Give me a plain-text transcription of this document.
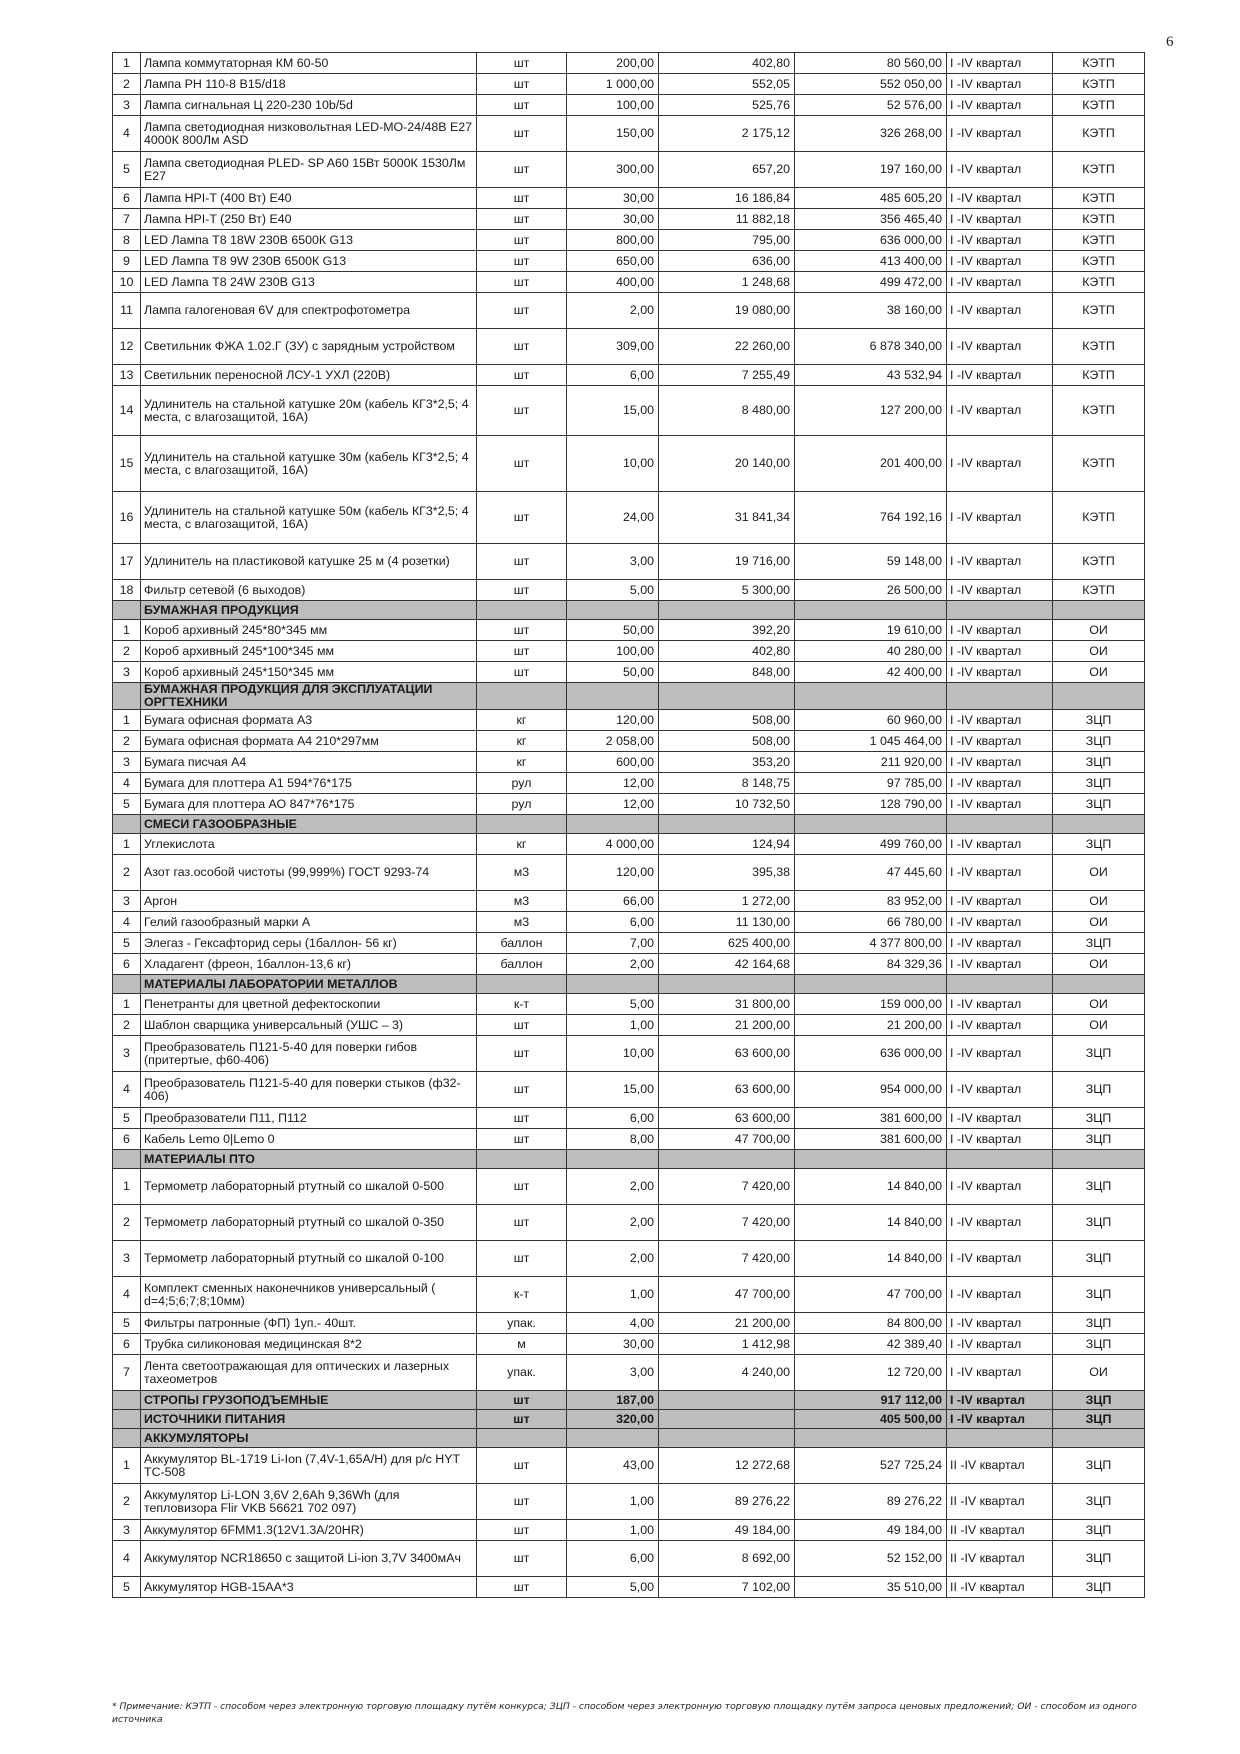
6
1	Лампа коммутаторная КМ 60-50	шт	200,00	402,80	80 560,00	I -IV квартал	КЭТП
2	Лампа РН 110-8 B15/d18	шт	1 000,00	552,05	552 050,00	I -IV квартал	КЭТП
3	Лампа сигнальная Ц 220-230 10b/5d	шт	100,00	525,76	52 576,00	I -IV квартал	КЭТП
4	Лампа светодиодная низковольтная LED-MO-24/48В E27 4000К 800Лм ASD	шт	150,00	2 175,12	326 268,00	I -IV квартал	КЭТП
5	Лампа светодиодная PLED- SP A60 15Вт 5000К 1530Лм E27	шт	300,00	657,20	197 160,00	I -IV квартал	КЭТП
6	Лампа HPI-T (400 Вт) E40	шт	30,00	16 186,84	485 605,20	I -IV квартал	КЭТП
7	Лампа HPI-T (250 Вт) E40	шт	30,00	11 882,18	356 465,40	I -IV квартал	КЭТП
8	LED Лампа T8 18W 230В 6500К G13	шт	800,00	795,00	636 000,00	I -IV квартал	КЭТП
9	LED Лампа T8 9W 230В 6500К G13	шт	650,00	636,00	413 400,00	I -IV квартал	КЭТП
10	LED Лампа T8 24W 230В G13	шт	400,00	1 248,68	499 472,00	I -IV квартал	КЭТП
11	Лампа галогеновая 6V для спектрофотометра	шт	2,00	19 080,00	38 160,00	I -IV квартал	КЭТП
12	Светильник ФЖА 1.02.Г (ЗУ) с зарядным устройством	шт	309,00	22 260,00	6 878 340,00	I -IV квартал	КЭТП
13	Светильник переносной ЛСУ-1 УХЛ (220В)	шт	6,00	7 255,49	43 532,94	I -IV квартал	КЭТП
14	Удлинитель на стальной катушке 20м (кабель КГ3*2,5; 4 места, с влагозащитой, 16А)	шт	15,00	8 480,00	127 200,00	I -IV квартал	КЭТП
15	Удлинитель на стальной катушке 30м (кабель КГ3*2,5; 4 места, с влагозащитой, 16А)	шт	10,00	20 140,00	201 400,00	I -IV квартал	КЭТП
16	Удлинитель на стальной катушке 50м (кабель КГ3*2,5; 4 места, с влагозащитой, 16А)	шт	24,00	31 841,34	764 192,16	I -IV квартал	КЭТП
17	Удлинитель на пластиковой катушке 25 м (4 розетки)	шт	3,00	19 716,00	59 148,00	I -IV квартал	КЭТП
18	Фильтр сетевой (6 выходов)	шт	5,00	5 300,00	26 500,00	I -IV квартал	КЭТП
	БУМАЖНАЯ ПРОДУКЦИЯ						
1	Короб архивный 245*80*345 мм	шт	50,00	392,20	19 610,00	I -IV квартал	ОИ
2	Короб архивный 245*100*345 мм	шт	100,00	402,80	40 280,00	I -IV квартал	ОИ
3	Короб архивный 245*150*345 мм	шт	50,00	848,00	42 400,00	I -IV квартал	ОИ
	БУМАЖНАЯ ПРОДУКЦИЯ ДЛЯ ЭКСПЛУАТАЦИИ ОРГТЕХНИКИ						
1	Бумага офисная формата А3	кг	120,00	508,00	60 960,00	I -IV квартал	ЗЦП
2	Бумага офисная формата А4 210*297мм	кг	2 058,00	508,00	1 045 464,00	I -IV квартал	ЗЦП
3	Бумага писчая А4	кг	600,00	353,20	211 920,00	I -IV квартал	ЗЦП
4	Бумага для плоттера А1 594*76*175	рул	12,00	8 148,75	97 785,00	I -IV квартал	ЗЦП
5	Бумага для плоттера АО 847*76*175	рул	12,00	10 732,50	128 790,00	I -IV квартал	ЗЦП
	СМЕСИ ГАЗООБРАЗНЫЕ						
1	Углекислота	кг	4 000,00	124,94	499 760,00	I -IV квартал	ЗЦП
2	Азот газ.особой чистоты (99,999%) ГОСТ 9293-74	м3	120,00	395,38	47 445,60	I -IV квартал	ОИ
3	Аргон	м3	66,00	1 272,00	83 952,00	I -IV квартал	ОИ
4	Гелий газообразный марки А	м3	6,00	11 130,00	66 780,00	I -IV квартал	ОИ
5	Элегаз - Гексафторид серы (1баллон- 56 кг)	баллон	7,00	625 400,00	4 377 800,00	I -IV квартал	ЗЦП
6	Хладагент (фреон, 1баллон-13,6 кг)	баллон	2,00	42 164,68	84 329,36	I -IV квартал	ОИ
	МАТЕРИАЛЫ ЛАБОРАТОРИИ МЕТАЛЛОВ						
1	Пенетранты для цветной дефектоскопии	к-т	5,00	31 800,00	159 000,00	I -IV квартал	ОИ
2	Шаблон сварщика универсальный (УШС – 3)	шт	1,00	21 200,00	21 200,00	I -IV квартал	ОИ
3	Преобразователь П121-5-40 для поверки гибов (притертые, ф60-406)	шт	10,00	63 600,00	636 000,00	I -IV квартал	ЗЦП
4	Преобразователь П121-5-40 для поверки стыков (ф32-406)	шт	15,00	63 600,00	954 000,00	I -IV квартал	ЗЦП
5	Преобразователи П11, П112	шт	6,00	63 600,00	381 600,00	I -IV квартал	ЗЦП
6	Кабель Lemo 0|Lemo 0	шт	8,00	47 700,00	381 600,00	I -IV квартал	ЗЦП
	МАТЕРИАЛЫ ПТО						
1	Термометр лабораторный ртутный со шкалой 0-500	шт	2,00	7 420,00	14 840,00	I -IV квартал	ЗЦП
2	Термометр лабораторный ртутный со шкалой 0-350	шт	2,00	7 420,00	14 840,00	I -IV квартал	ЗЦП
3	Термометр лабораторный ртутный со шкалой 0-100	шт	2,00	7 420,00	14 840,00	I -IV квартал	ЗЦП
4	Комплект сменных наконечников универсальный ( d=4;5;6;7;8;10мм)	к-т	1,00	47 700,00	47 700,00	I -IV квартал	ЗЦП
5	Фильтры патронные (ФП) 1уп.- 40шт.	упак.	4,00	21 200,00	84 800,00	I -IV квартал	ЗЦП
6	Трубка силиконовая медицинская 8*2	м	30,00	1 412,98	42 389,40	I -IV квартал	ЗЦП
7	Лента светоотражающая для оптических и лазерных тахеометров	упак.	3,00	4 240,00	12 720,00	I -IV квартал	ОИ
	СТРОПЫ ГРУЗОПОДЪЕМНЫЕ	шт	187,00		917 112,00	I -IV квартал	ЗЦП
	ИСТОЧНИКИ ПИТАНИЯ	шт	320,00		405 500,00	I -IV квартал	ЗЦП
	АККУМУЛЯТОРЫ						
1	Аккумулятор BL-1719 Li-Ion (7,4V-1,65A/H) для р/с HYT TC-508	шт	43,00	12 272,68	527 725,24	II -IV квартал	ЗЦП
2	Аккумулятор Li-LON 3,6V 2,6Ah 9,36Wh (для тепловизора Flir VKB 56621 702 097)	шт	1,00	89 276,22	89 276,22	II -IV квартал	ЗЦП
3	Аккумулятор 6FMM1.3(12V1.3A/20HR)	шт	1,00	49 184,00	49 184,00	II -IV квартал	ЗЦП
4	Аккумулятор NCR18650 с защитой Li-ion 3,7V 3400мАч	шт	6,00	8 692,00	52 152,00	II -IV квартал	ЗЦП
5	Аккумулятор HGB-15AA*3	шт	5,00	7 102,00	35 510,00	II -IV квартал	ЗЦП
* Примечание: КЭТП - способом через электронную торговую площадку путём конкурса; ЗЦП - способом через электронную торговую площадку путём запроса ценовых предложений; ОИ - способом из одного источника
